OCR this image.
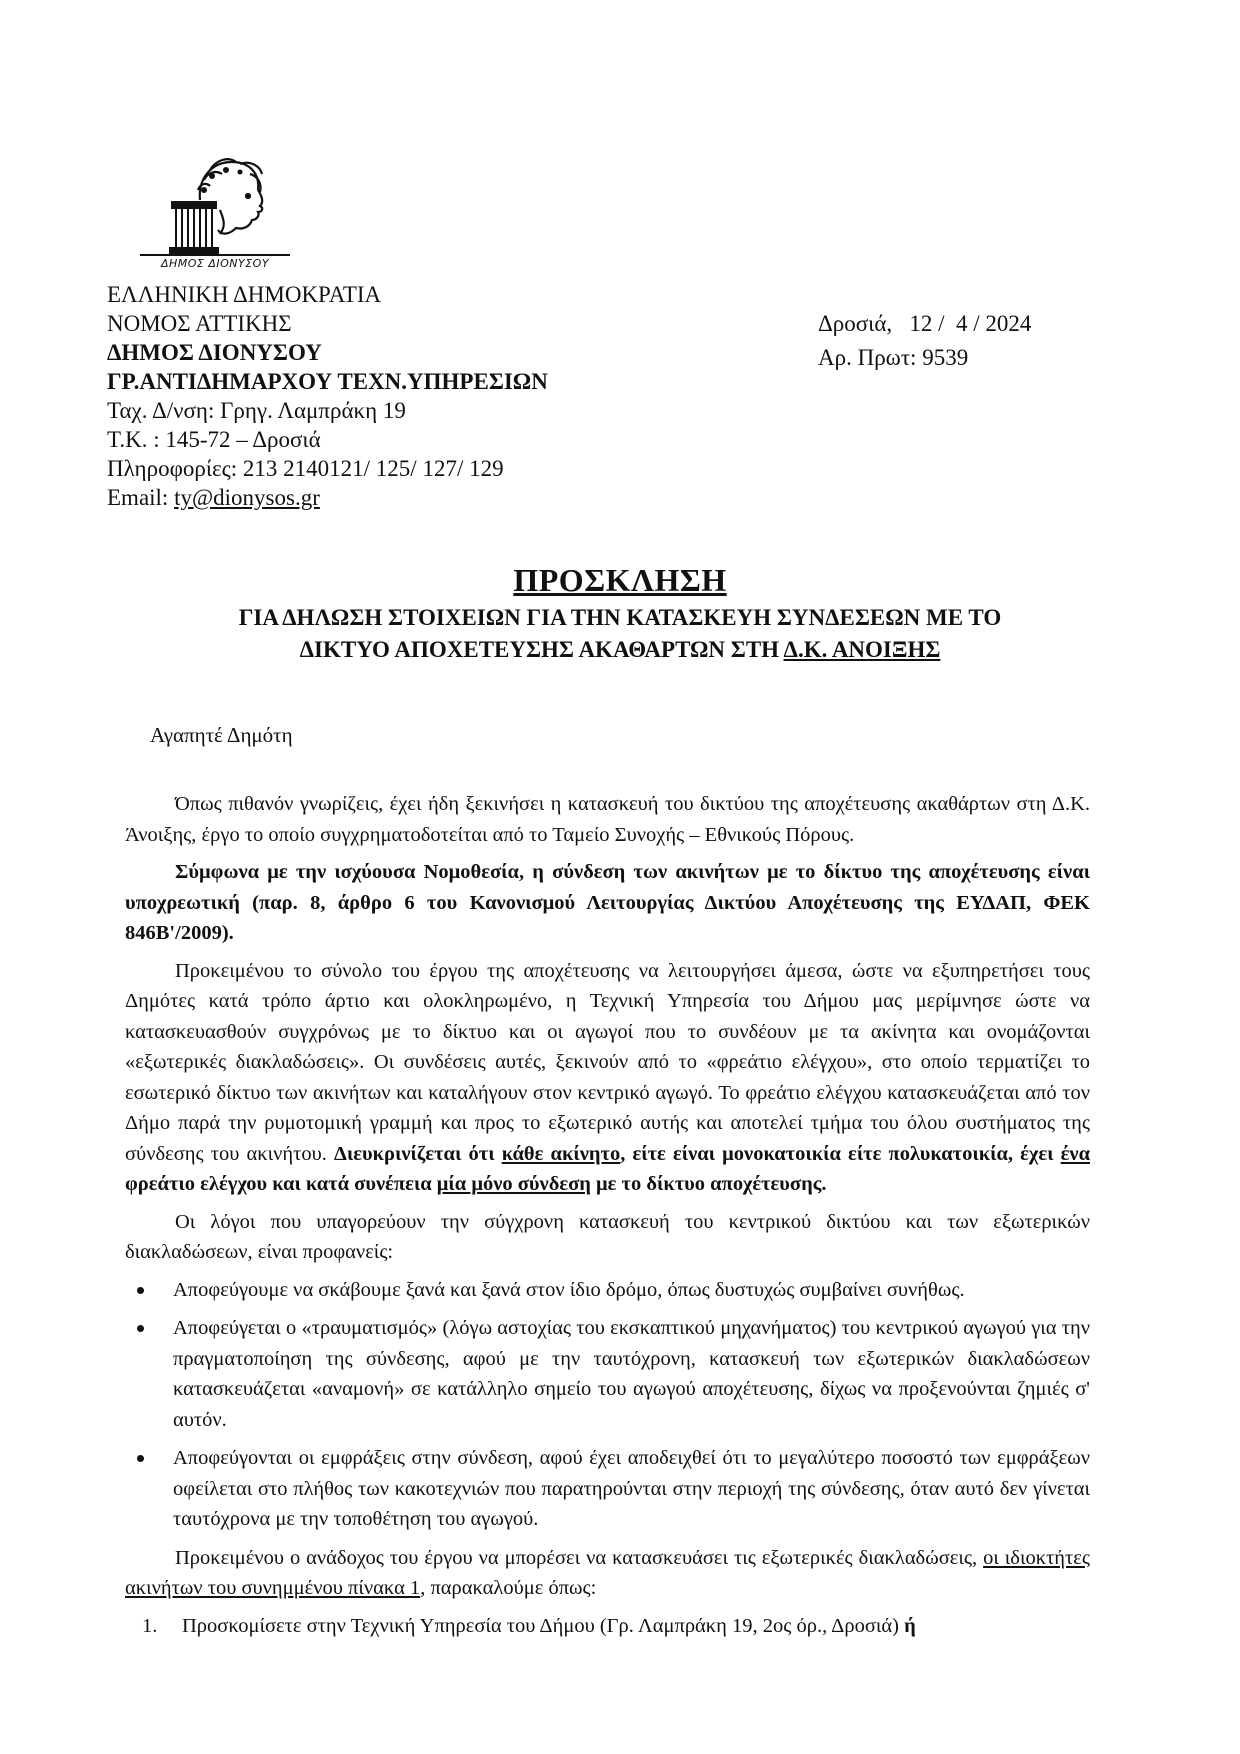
ΔΗΜΟΣ ΔΙΟΝΥΣΟΥ
ΕΛΛΗΝΙΚΗ ΔΗΜΟΚΡΑΤΙΑ
ΝΟΜΟΣ ΑΤΤΙΚΗΣ
ΔΗΜΟΣ ΔΙΟΝΥΣΟΥ
ΓΡ.ΑΝΤΙΔΗΜΑΡΧΟΥ ΤΕΧΝ.ΥΠΗΡΕΣΙΩΝ
Ταχ. Δ/νση: Γρηγ. Λαμπράκη 19
Τ.Κ. : 145-72 – Δροσιά
Πληροφορίες: 213 2140121/ 125/ 127/ 129
Email: ty@dionysos.gr
Δροσιά,   12 /  4 / 2024
Αρ. Πρωτ: 9539
ΠΡΟΣΚΛΗΣΗ
ΓΙΑ ΔΗΛΩΣΗ ΣΤΟΙΧΕΙΩΝ ΓΙΑ ΤΗΝ ΚΑΤΑΣΚΕΥΗ ΣΥΝΔΕΣΕΩΝ ΜΕ ΤΟ
ΔΙΚΤΥΟ ΑΠΟΧΕΤΕΥΣΗΣ ΑΚΑΘΑΡΤΩΝ ΣΤΗ Δ.Κ. ΑΝΟΙΞΗΣ
Αγαπητέ Δημότη

Όπως πιθανόν γνωρίζεις, έχει ήδη ξεκινήσει η κατασκευή του δικτύου της αποχέτευσης ακαθάρτων στη Δ.Κ. Άνοιξης, έργο το οποίο συγχρηματοδοτείται από το Ταμείο Συνοχής – Εθνικούς Πόρους.

Σύμφωνα με την ισχύουσα Νομοθεσία, η σύνδεση των ακινήτων με το δίκτυο της αποχέτευσης είναι υποχρεωτική (παρ. 8, άρθρο 6 του Κανονισμού Λειτουργίας Δικτύου Αποχέτευσης της ΕΥΔΑΠ, ΦΕΚ 846Β'/2009).

Προκειμένου το σύνολο του έργου της αποχέτευσης να λειτουργήσει άμεσα, ώστε να εξυπηρετήσει τους Δημότες κατά τρόπο άρτιο και ολοκληρωμένο, η Τεχνική Υπηρεσία του Δήμου μας μερίμνησε ώστε να κατασκευασθούν συγχρόνως με το δίκτυο και οι αγωγοί που το συνδέουν με τα ακίνητα και ονομάζονται «εξωτερικές διακλαδώσεις». Οι συνδέσεις αυτές, ξεκινούν από το «φρεάτιο ελέγχου», στο οποίο τερματίζει το εσωτερικό δίκτυο των ακινήτων και καταλήγουν στον κεντρικό αγωγό. Το φρεάτιο ελέγχου κατασκευάζεται από τον Δήμο παρά την ρυμοτομική γραμμή και προς το εξωτερικό αυτής και αποτελεί τμήμα του όλου συστήματος της σύνδεσης του ακινήτου. Διευκρινίζεται ότι κάθε ακίνητο, είτε είναι μονοκατοικία είτε πολυκατοικία, έχει ένα φρεάτιο ελέγχου και κατά συνέπεια μία μόνο σύνδεση με το δίκτυο αποχέτευσης.

Οι λόγοι που υπαγορεύουν την σύγχρονη κατασκευή του κεντρικού δικτύου και των εξωτερικών διακλαδώσεων, είναι προφανείς:

Αποφεύγουμε να σκάβουμε ξανά και ξανά στον ίδιο δρόμο, όπως δυστυχώς συμβαίνει συνήθως.
Αποφεύγεται ο «τραυματισμός» (λόγω αστοχίας του εκσκαπτικού μηχανήματος) του κεντρικού αγωγού για την πραγματοποίηση της σύνδεσης, αφού με την ταυτόχρονη, κατασκευή των εξωτερικών διακλαδώσεων κατασκευάζεται «αναμονή» σε κατάλληλο σημείο του αγωγού αποχέτευσης, δίχως να προξενούνται ζημιές σ' αυτόν.
Αποφεύγονται οι εμφράξεις στην σύνδεση, αφού έχει αποδειχθεί ότι το μεγαλύτερο ποσοστό των εμφράξεων οφείλεται στο πλήθος των κακοτεχνιών που παρατηρούνται στην περιοχή της σύνδεσης, όταν αυτό δεν γίνεται ταυτόχρονα με την τοποθέτηση του αγωγού.

Προκειμένου ο ανάδοχος του έργου να μπορέσει να κατασκευάσει τις εξωτερικές διακλαδώσεις, οι ιδιοκτήτες ακινήτων του συνημμένου πίνακα 1, παρακαλούμε όπως:

1. Προσκομίσετε στην Τεχνική Υπηρεσία του Δήμου (Γρ. Λαμπράκη 19, 2ος όρ., Δροσιά) ή
